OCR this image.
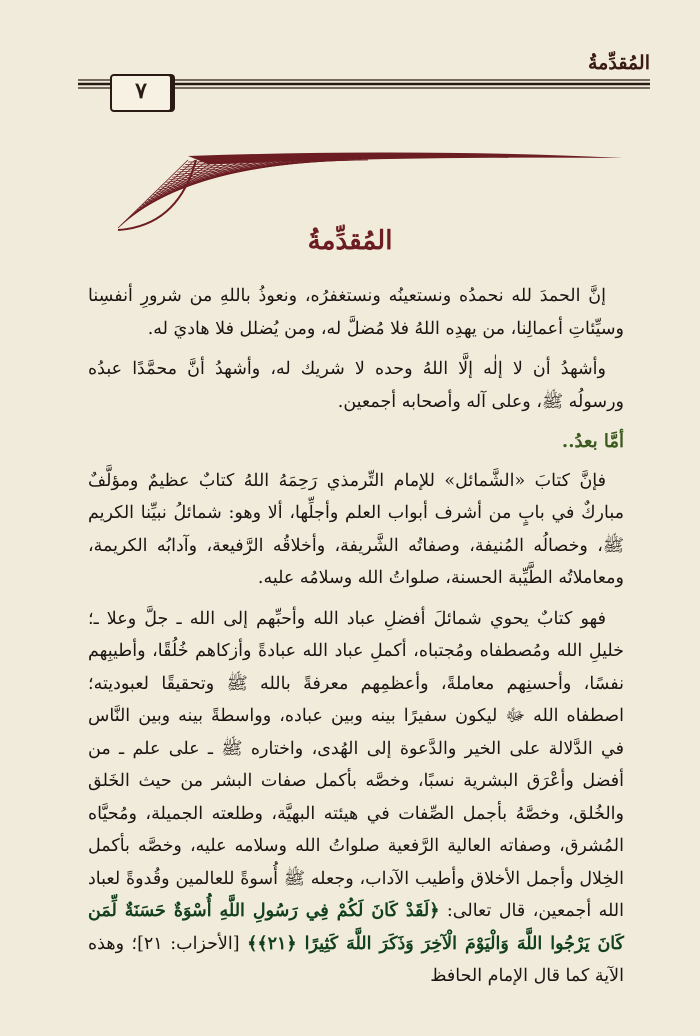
المُقدِّمةُ
٧
المُقدِّمةُ

إنَّ الحمدَ لله نحمدُه ونستعينُه ونستغفرُه، ونعوذُ باللهِ من شرورِ أنفسِنا وسيِّئاتِ أعمالِنا، من يهدِه اللهُ فلا مُضلَّ له، ومن يُضلل فلا هاديَ له.

وأشهدُ أن لا إلٰه إلَّا اللهُ وحده لا شريك له، وأشهدُ أنَّ محمَّدًا عبدُه ورسولُه ﷺ، وعلى آله وأصحابه أجمعين.

أمَّا بعدُ..

فإنَّ كتابَ «الشَّمائل» للإمام التِّرمذي رَحِمَهُ اللهُ كتابٌ عظيمٌ ومؤلَّفٌ مباركٌ في بابٍ من أشرف أبواب العلم وأجلِّها، ألا وهو: شمائلُ نبيِّنا الكريم ﷺ، وخصالُه المُنيفة، وصفاتُه الشَّريفة، وأخلاقُه الرَّفيعة، وآدابُه الكريمة، ومعاملاتُه الطَّيِّبة الحسنة، صلواتُ الله وسلامُه عليه.

فهو كتابٌ يحوي شمائلَ أفضلِ عباد الله وأحبِّهم إلى الله ـ جلَّ وعلا ـ؛ خليلِ الله ومُصطفاه ومُجتباه، أكملِ عباد الله عبادةً وأزكاهم خُلُقًا، وأطيبِهم نفسًا، وأحسنِهم معاملةً، وأعظمِهم معرفةً بالله ﷺ وتحقيقًا لعبوديته؛ اصطفاه الله ﷻ ليكون سفيرًا بينه وبين عباده، وواسطةً بينه وبين النَّاس في الدَّلالة على الخير والدَّعوة إلى الهُدى، واختاره ﷺ ـ على علم ـ من أفضل وأعْرَق البشرية نسبًا، وخصَّه بأكمل صفات البشر من حيث الخَلق والخُلق، وخصَّهُ بأجمل الصِّفات في هيئته البهيَّة، وطلعته الجميلة، ومُحيَّاه المُشرق، وصفاته العالية الرَّفعية صلواتُ الله وسلامه عليه، وخصَّه بأكمل الخِلال وأجمل الأخلاق وأطيب الآداب، وجعله ﷺ أُسوةً للعالمين وقُدوةً لعباد الله أجمعين، قال تعالى: ﴿لَقَدْ كَانَ لَكُمْ فِي رَسُولِ اللَّهِ أُسْوَةٌ حَسَنَةٌ لِّمَن كَانَ يَرْجُوا اللَّهَ وَالْيَوْمَ الْآخِرَ وَذَكَرَ اللَّهَ كَثِيرًا ﴿٢١﴾﴾ [الأحزاب: ٢١]؛ وهذه الآية كما قال الإمام الحافظ
